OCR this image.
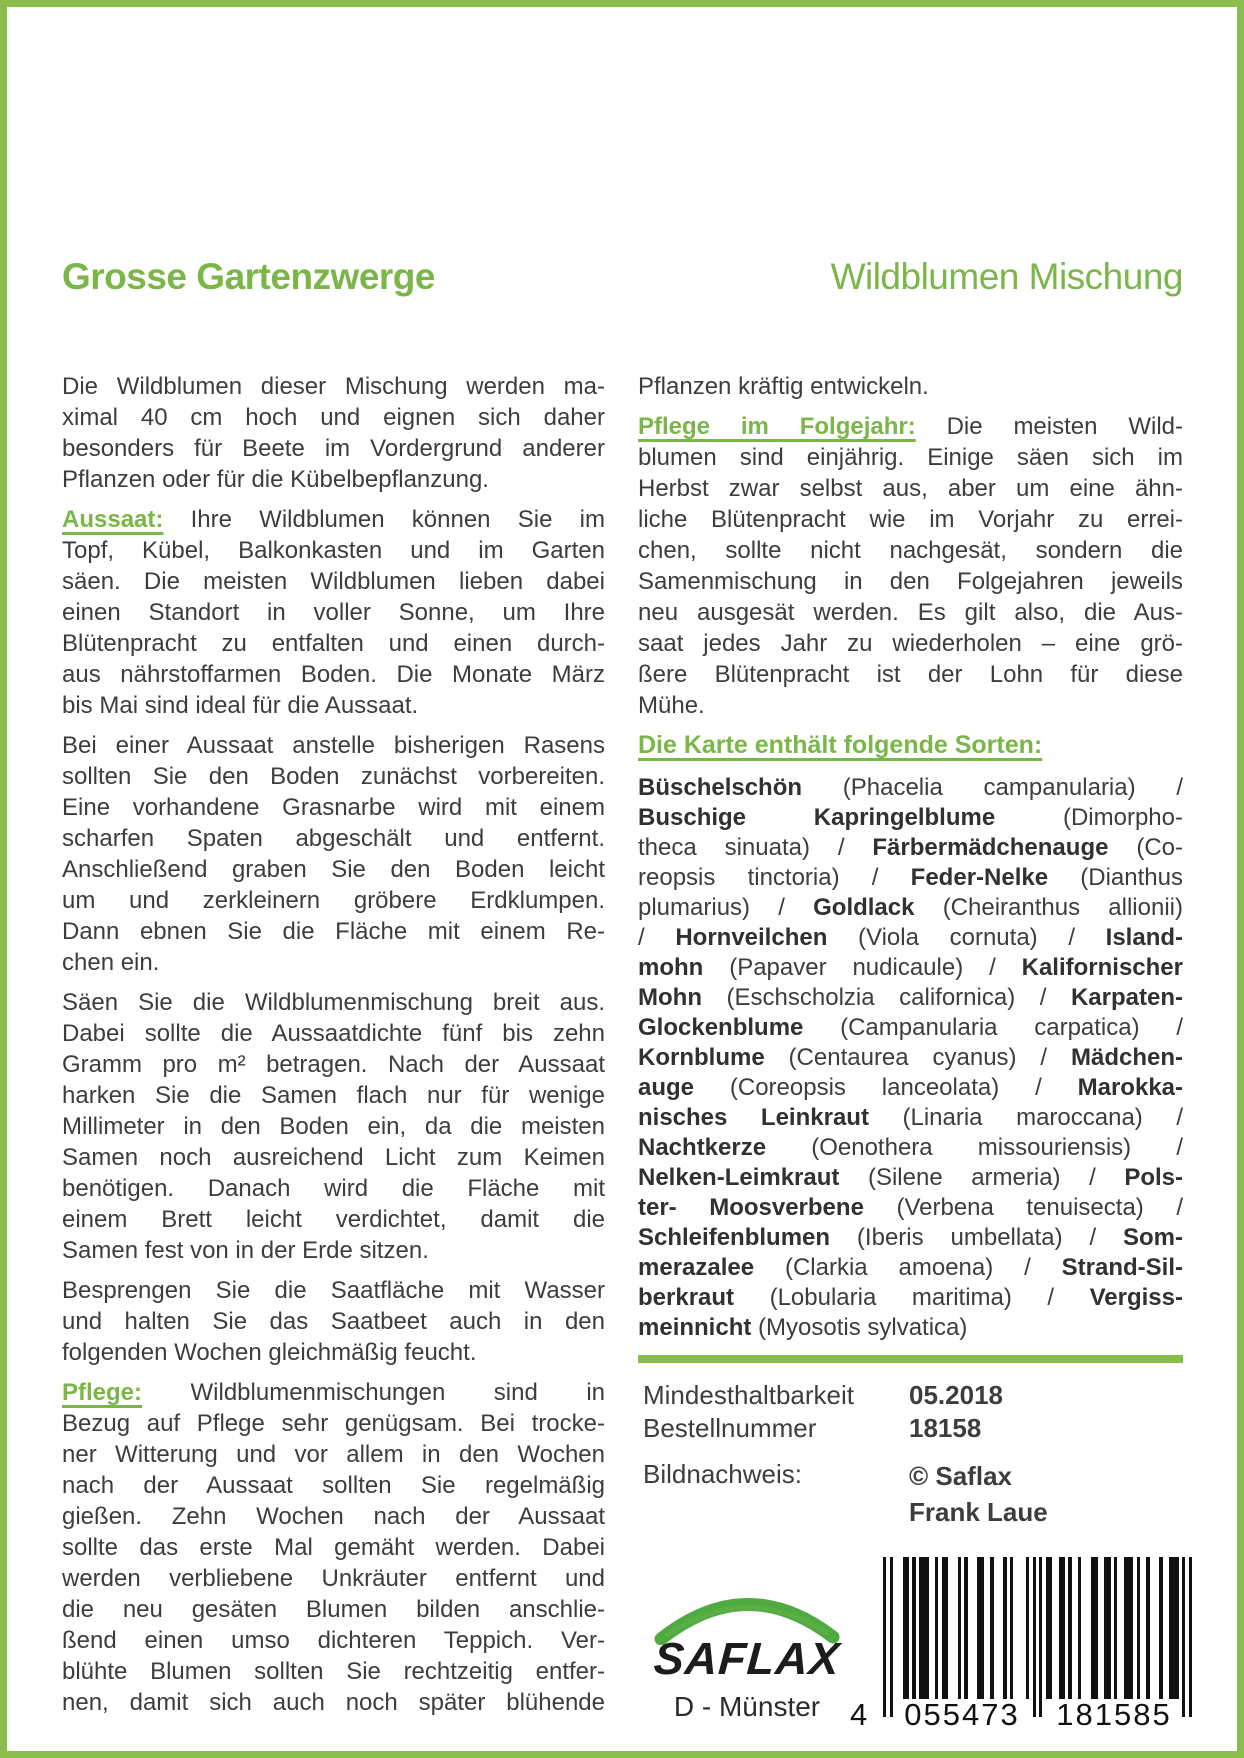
Grosse Gartenzwerge	Wildblumen Mischung
Die Wildblumen dieser Mischung werden ma-
ximal 40 cm hoch und eignen sich daher
besonders für Beete im Vordergrund anderer
Pflanzen oder für die Kübelbepflanzung.
Aussaat: Ihre Wildblumen können Sie im
Topf, Kübel, Balkonkasten und im Garten
säen. Die meisten Wildblumen lieben dabei
einen Standort in voller Sonne, um Ihre
Blütenpracht zu entfalten und einen durch-
aus nährstoffarmen Boden. Die Monate März
bis Mai sind ideal für die Aussaat.
Bei einer Aussaat anstelle bisherigen Rasens
sollten Sie den Boden zunächst vorbereiten.
Eine vorhandene Grasnarbe wird mit einem
scharfen Spaten abgeschält und entfernt.
Anschließend graben Sie den Boden leicht
um und zerkleinern gröbere Erdklumpen.
Dann ebnen Sie die Fläche mit einem Re-
chen ein.
Säen Sie die Wildblumenmischung breit aus.
Dabei sollte die Aussaatdichte fünf bis zehn
Gramm pro m² betragen. Nach der Aussaat
harken Sie die Samen flach nur für wenige
Millimeter in den Boden ein, da die meisten
Samen noch ausreichend Licht zum Keimen
benötigen. Danach wird die Fläche mit
einem Brett leicht verdichtet, damit die
Samen fest von in der Erde sitzen.
Besprengen Sie die Saatfläche mit Wasser
und halten Sie das Saatbeet auch in den
folgenden Wochen gleichmäßig feucht.
Pflege: Wildblumenmischungen sind in
Bezug auf Pflege sehr genügsam. Bei trocke-
ner Witterung und vor allem in den Wochen
nach der Aussaat sollten Sie regelmäßig
gießen. Zehn Wochen nach der Aussaat
sollte das erste Mal gemäht werden. Dabei
werden verbliebene Unkräuter entfernt und
die neu gesäten Blumen bilden anschlie-
ßend einen umso dichteren Teppich. Ver-
blühte Blumen sollten Sie rechtzeitig entfer-
nen, damit sich auch noch später blühende
Pflanzen kräftig entwickeln.
Pflege im Folgejahr: Die meisten Wild-
blumen sind einjährig. Einige säen sich im
Herbst zwar selbst aus, aber um eine ähn-
liche Blütenpracht wie im Vorjahr zu errei-
chen, sollte nicht nachgesät, sondern die
Samenmischung in den Folgejahren jeweils
neu ausgesät werden. Es gilt also, die Aus-
saat jedes Jahr zu wiederholen – eine grö-
ßere Blütenpracht ist der Lohn für diese
Mühe.
Die Karte enthält folgende Sorten:
Büschelschön (Phacelia campanularia) /
Buschige Kapringelblume (Dimorpho-
theca sinuata) / Färbermädchenauge (Co-
reopsis tinctoria) / Feder-Nelke (Dianthus
plumarius) / Goldlack (Cheiranthus allionii)
/ Hornveilchen (Viola cornuta) / Island-
mohn (Papaver nudicaule) / Kalifornischer
Mohn (Eschscholzia californica) / Karpaten-
Glockenblume (Campanularia carpatica) /
Kornblume (Centaurea cyanus) / Mädchen-
auge (Coreopsis lanceolata) / Marokka-
nisches Leinkraut (Linaria maroccana) /
Nachtkerze (Oenothera missouriensis) /
Nelken-Leimkraut (Silene armeria) / Pols-
ter- Moosverbene (Verbena tenuisecta) /
Schleifenblumen (Iberis umbellata) / Som-
merazalee (Clarkia amoena) / Strand-Sil-
berkraut (Lobularia maritima) / Vergiss-
meinnicht (Myosotis sylvatica)
Mindesthaltbarkeit 05.2018
Bestellnummer	18158
Bildnachweis:	© Saflax
Frank Laue
SAFLAX
D - Münster 4 055473 181585
